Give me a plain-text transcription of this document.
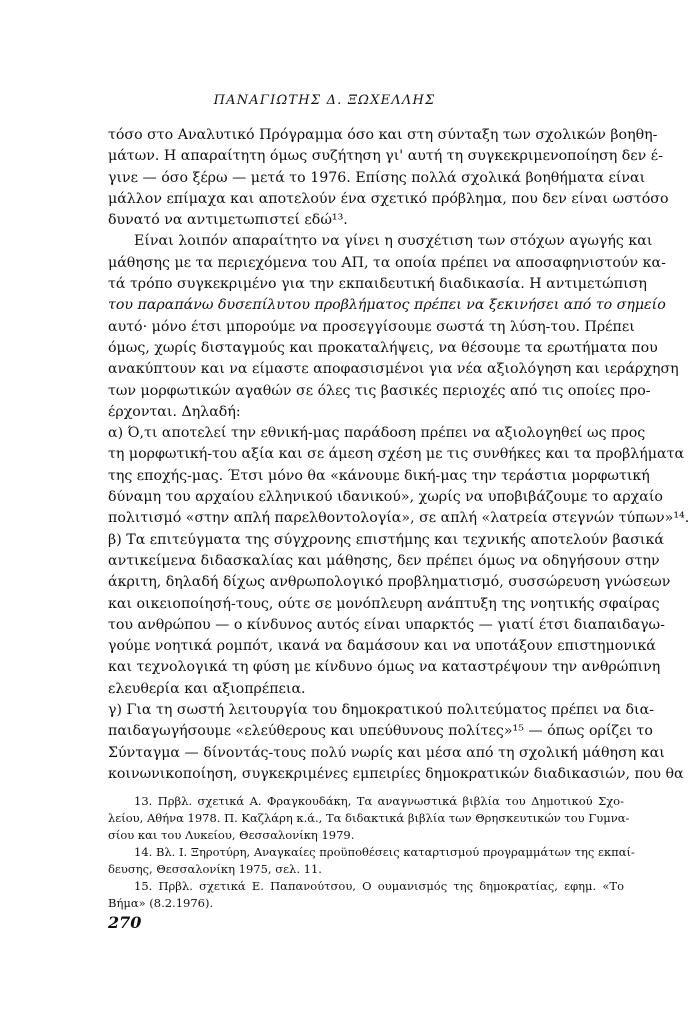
ΠΑΝΑΓΙΩΤΗΣ Δ. ΞΩΧΕΛΛΗΣ
τόσο στο Αναλυτικό Πρόγραμμα όσο και στη σύνταξη των σχολικών βοηθη-
μάτων. Η απαραίτητη όμως συζήτηση γι' αυτή τη συγκεκριμενοποίηση δεν έ-
γινε — όσο ξέρω — μετά το 1976. Επίσης πολλά σχολικά βοηθήματα είναι
μάλλον επίμαχα και αποτελούν ένα σχετικό πρόβλημα, που δεν είναι ωστόσο
δυνατό να αντιμετωπιστεί εδώ¹³.
Είναι λοιπόν απαραίτητο να γίνει η συσχέτιση των στόχων αγωγής και
μάθησης με τα περιεχόμενα του ΑΠ, τα οποία πρέπει να αποσαφηνιστούν κα-
τά τρόπο συγκεκριμένο για την εκπαιδευτική διαδικασία. Η αντιμετώπιση
του παραπάνω δυσεπίλυτου προβλήματος πρέπει να ξεκινήσει από το σημείο
αυτό· μόνο έτσι μπορούμε να προσεγγίσουμε σωστά τη λύση-του. Πρέπει
όμως, χωρίς δισταγμούς και προκαταλήψεις, να θέσουμε τα ερωτήματα που
ανακύπτουν και να είμαστε αποφασισμένοι για νέα αξιολόγηση και ιεράρχηση
των μορφωτικών αγαθών σε όλες τις βασικές περιοχές από τις οποίες προ-
έρχονται. Δηλαδή:
α) Ό,τι αποτελεί την εθνική-μας παράδοση πρέπει να αξιολογηθεί ως προς
τη μορφωτική-του αξία και σε άμεση σχέση με τις συνθήκες και τα προβλήματα
της εποχής-μας. Έτσι μόνο θα «κάνουμε δική-μας την τεράστια μορφωτική
δύναμη του αρχαίου ελληνικού ιδανικού», χωρίς να υποβιβάζουμε το αρχαίο
πολιτισμό «στην απλή παρελθοντολογία», σε απλή «λατρεία στεγνών τύπων»¹⁴.
β) Τα επιτεύγματα της σύγχρονης επιστήμης και τεχνικής αποτελούν βασικά
αντικείμενα διδασκαλίας και μάθησης, δεν πρέπει όμως να οδηγήσουν στην
άκριτη, δηλαδή δίχως ανθρωπολογικό προβληματισμό, συσσώρευση γνώσεων
και οικειοποίησή-τους, ούτε σε μονόπλευρη ανάπτυξη της νοητικής σφαίρας
του ανθρώπου — ο κίνδυνος αυτός είναι υπαρκτός — γιατί έτσι διαπαιδαγω-
γούμε νοητικά ρομπότ, ικανά να δαμάσουν και να υποτάξουν επιστημονικά
και τεχνολογικά τη φύση με κίνδυνο όμως να καταστρέψουν την ανθρώπινη
ελευθερία και αξιοπρέπεια.
γ) Για τη σωστή λειτουργία του δημοκρατικού πολιτεύματος πρέπει να δια-
παιδαγωγήσουμε «ελεύθερους και υπεύθυνους πολίτες»¹⁵ — όπως ορίζει το
Σύνταγμα — δίνοντάς-τους πολύ νωρίς και μέσα από τη σχολική μάθηση και
κοινωνικοποίηση, συγκεκριμένες εμπειρίες δημοκρατικών διαδικασιών, που θα
13. Πρβλ. σχετικά Α. Φραγκουδάκη, Τα αναγνωστικά βιβλία του Δημοτικού Σχο-
λείου, Αθήνα 1978. Π. Καζλάρη κ.ά., Τα διδακτικά βιβλία των Θρησκευτικών του Γυμνα-
σίου και του Λυκείου, Θεσσαλονίκη 1979.
14. Βλ. Ι. Ξηροτύρη, Αναγκαίες προϋποθέσεις καταρτισμού προγραμμάτων της εκπαί-
δευσης, Θεσσαλονίκη 1975, σελ. 11.
15. Πρβλ. σχετικά Ε. Παπανούτσου, Ο ουμανισμός της δημοκρατίας, εφημ. «Το
Βήμα» (8.2.1976).
270
